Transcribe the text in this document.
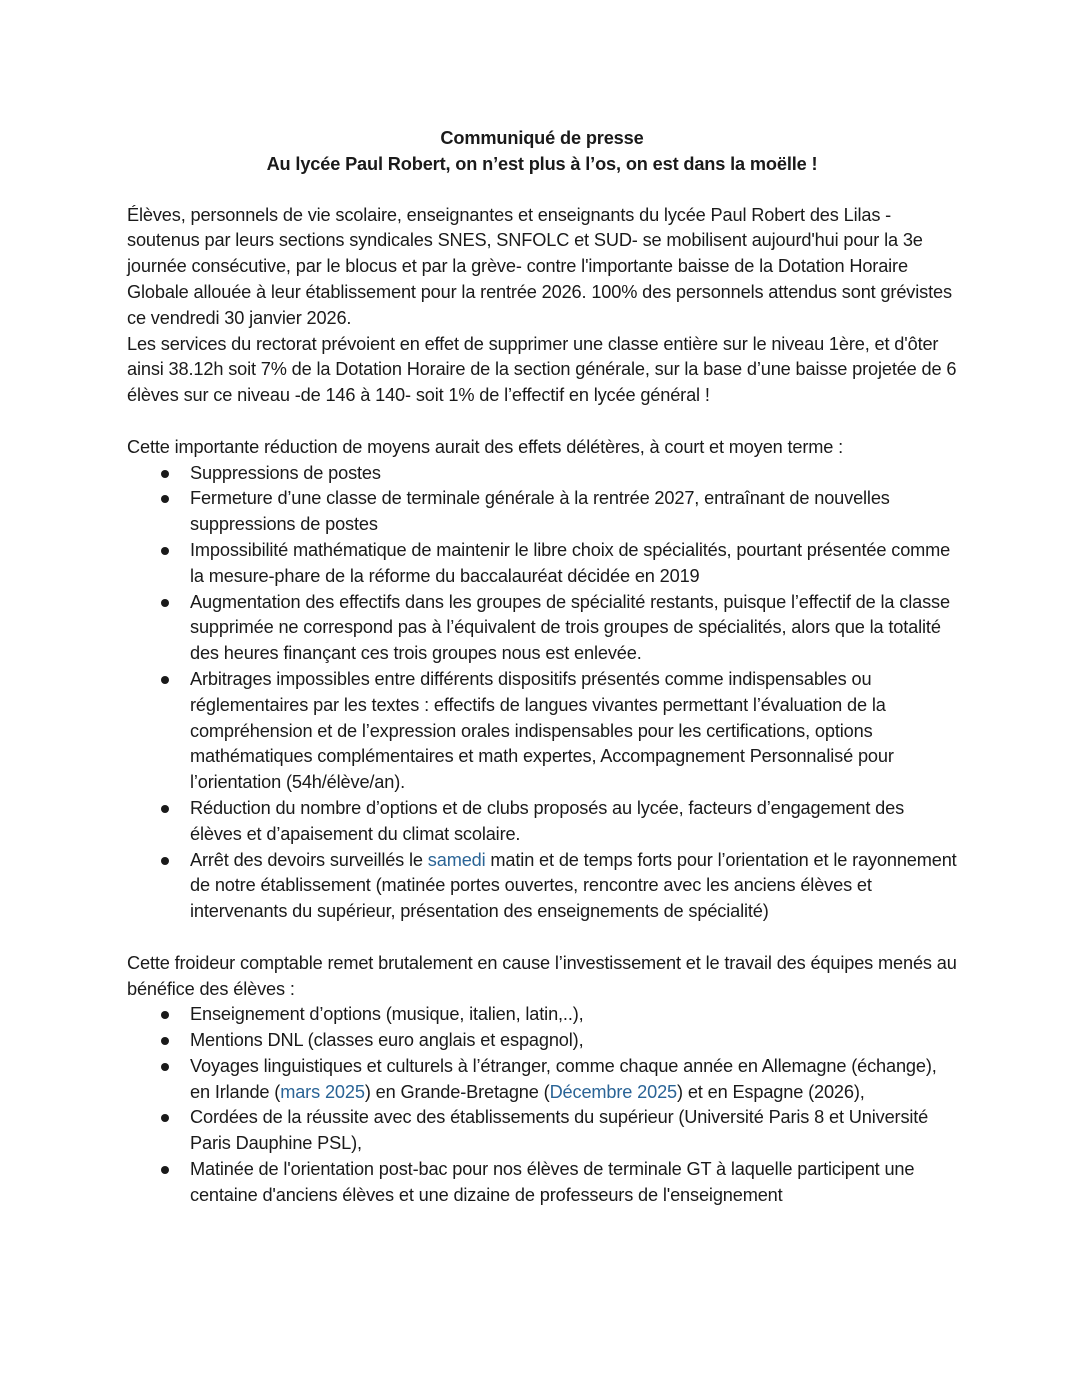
Communiqué de presse
Au lycée Paul Robert, on n’est plus à l’os, on est dans la moëlle !

Élèves, personnels de vie scolaire, enseignantes et enseignants du lycée Paul Robert des Lilas -soutenus par leurs sections syndicales SNES, SNFOLC et SUD- se mobilisent aujourd'hui pour la 3e journée consécutive, par le blocus et par la grève- contre l'importante baisse de la Dotation Horaire Globale allouée à leur établissement pour la rentrée 2026. 100% des personnels attendus sont grévistes ce vendredi 30 janvier 2026.

Les services du rectorat prévoient en effet de supprimer une classe entière sur le niveau 1ère, et d'ôter ainsi 38.12h soit 7% de la Dotation Horaire de la section générale, sur la base d’une baisse projetée de 6 élèves sur ce niveau -de 146 à 140- soit 1% de l’effectif en lycée général !

Cette importante réduction de moyens aurait des effets délétères, à court et moyen terme :

Suppressions de postes
Fermeture d’une classe de terminale générale à la rentrée 2027, entraînant de nouvelles suppressions de postes
Impossibilité mathématique de maintenir le libre choix de spécialités, pourtant présentée comme la mesure-phare de la réforme du baccalauréat décidée en 2019
Augmentation des effectifs dans les groupes de spécialité restants, puisque l’effectif de la classe supprimée ne correspond pas à l’équivalent de trois groupes de spécialités, alors que la totalité des heures finançant ces trois groupes nous est enlevée.
Arbitrages impossibles entre différents dispositifs présentés comme indispensables ou réglementaires par les textes : effectifs de langues vivantes permettant l’évaluation de la compréhension et de l’expression orales indispensables pour les certifications, options mathématiques complémentaires et math expertes, Accompagnement Personnalisé pour l’orientation (54h/élève/an).
Réduction du nombre d’options et de clubs proposés au lycée, facteurs d’engagement des élèves et d’apaisement du climat scolaire.
Arrêt des devoirs surveillés le samedi matin et de temps forts pour l’orientation et le rayonnement de notre établissement (matinée portes ouvertes, rencontre avec les anciens élèves et intervenants du supérieur, présentation des enseignements de spécialité)

Cette froideur comptable remet brutalement en cause l’investissement et le travail des équipes menés au bénéfice des élèves :

Enseignement d’options (musique, italien, latin,..),
Mentions DNL (classes euro anglais et espagnol),
Voyages linguistiques et culturels à l’étranger, comme chaque année en Allemagne (échange), en Irlande (mars 2025) en Grande-Bretagne (Décembre 2025) et en Espagne (2026),
Cordées de la réussite avec des établissements du supérieur (Université Paris 8 et Université Paris Dauphine PSL),
Matinée de l'orientation post-bac pour nos élèves de terminale GT à laquelle participent une centaine d'anciens élèves et une dizaine de professeurs de l'enseignement
